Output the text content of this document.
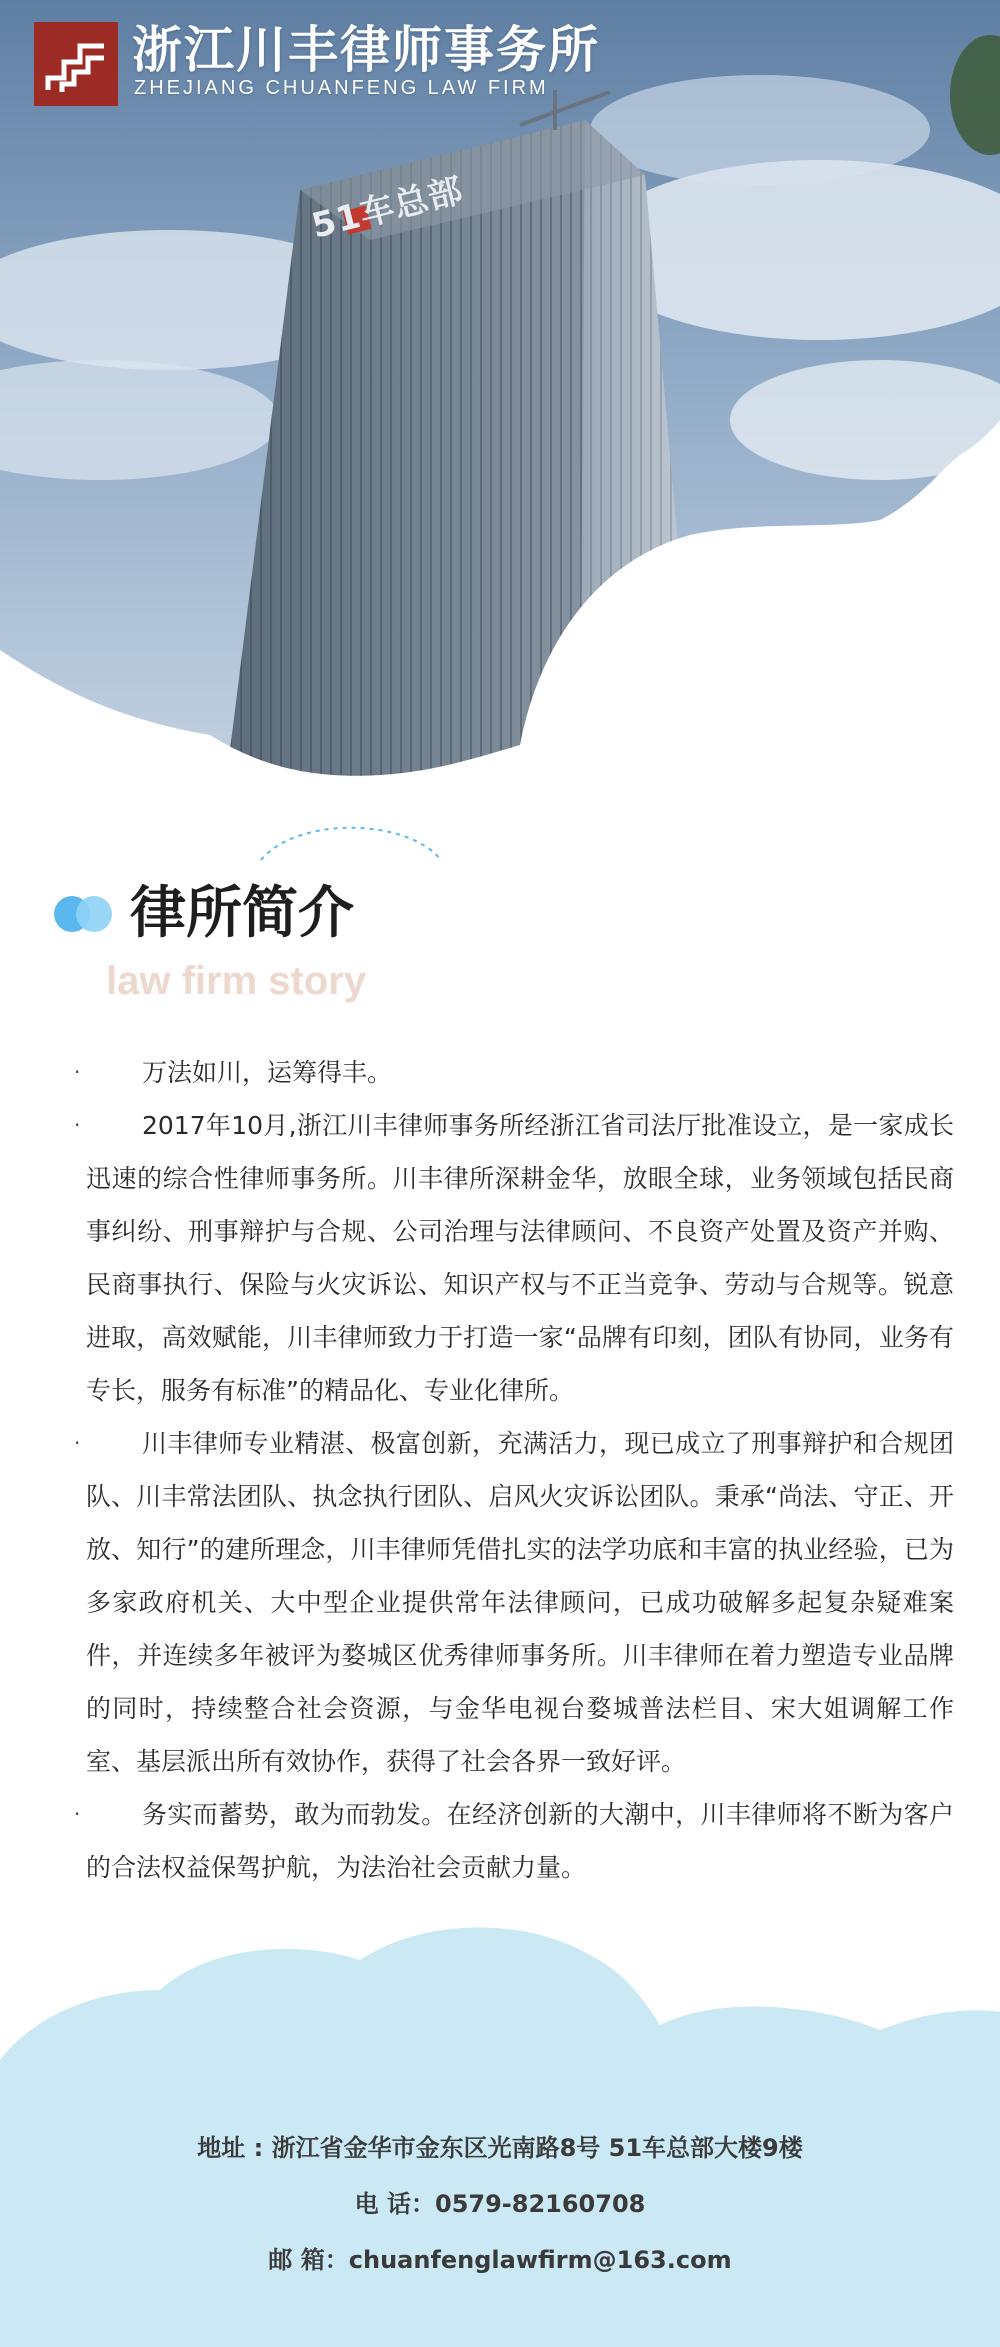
浙江川丰律师事务所
ZHEJIANG CHUANFENG LAW FIRM
51车总部
律所简介
law firm story

· 万法如川，运筹得丰。

· 2017年10月,浙江川丰律师事务所经浙江省司法厅批准设立，是一家成长迅速的综合性律师事务所。川丰律所深耕金华，放眼全球，业务领域包括民商事纠纷、刑事辩护与合规、公司治理与法律顾问、不良资产处置及资产并购、民商事执行、保险与火灾诉讼、知识产权与不正当竞争、劳动与合规等。锐意进取，高效赋能，川丰律师致力于打造一家“品牌有印刻，团队有协同，业务有专长，服务有标准”的精品化、专业化律所。

· 川丰律师专业精湛、极富创新，充满活力，现已成立了刑事辩护和合规团队、川丰常法团队、执念执行团队、启风火灾诉讼团队。秉承“尚法、守正、开放、知行”的建所理念，川丰律师凭借扎实的法学功底和丰富的执业经验，已为多家政府机关、大中型企业提供常年法律顾问，已成功破解多起复杂疑难案件，并连续多年被评为婺城区优秀律师事务所。川丰律师在着力塑造专业品牌的同时，持续整合社会资源，与金华电视台婺城普法栏目、宋大姐调解工作室、基层派出所有效协作，获得了社会各界一致好评。

· 务实而蓄势，敢为而勃发。在经济创新的大潮中，川丰律师将不断为客户的合法权益保驾护航，为法治社会贡献力量。

地址 : 浙江省金华市金东区光南路8号 51车总部大楼9楼
电 话：0579-82160708
邮 箱：chuanfenglawfirm@163.com
